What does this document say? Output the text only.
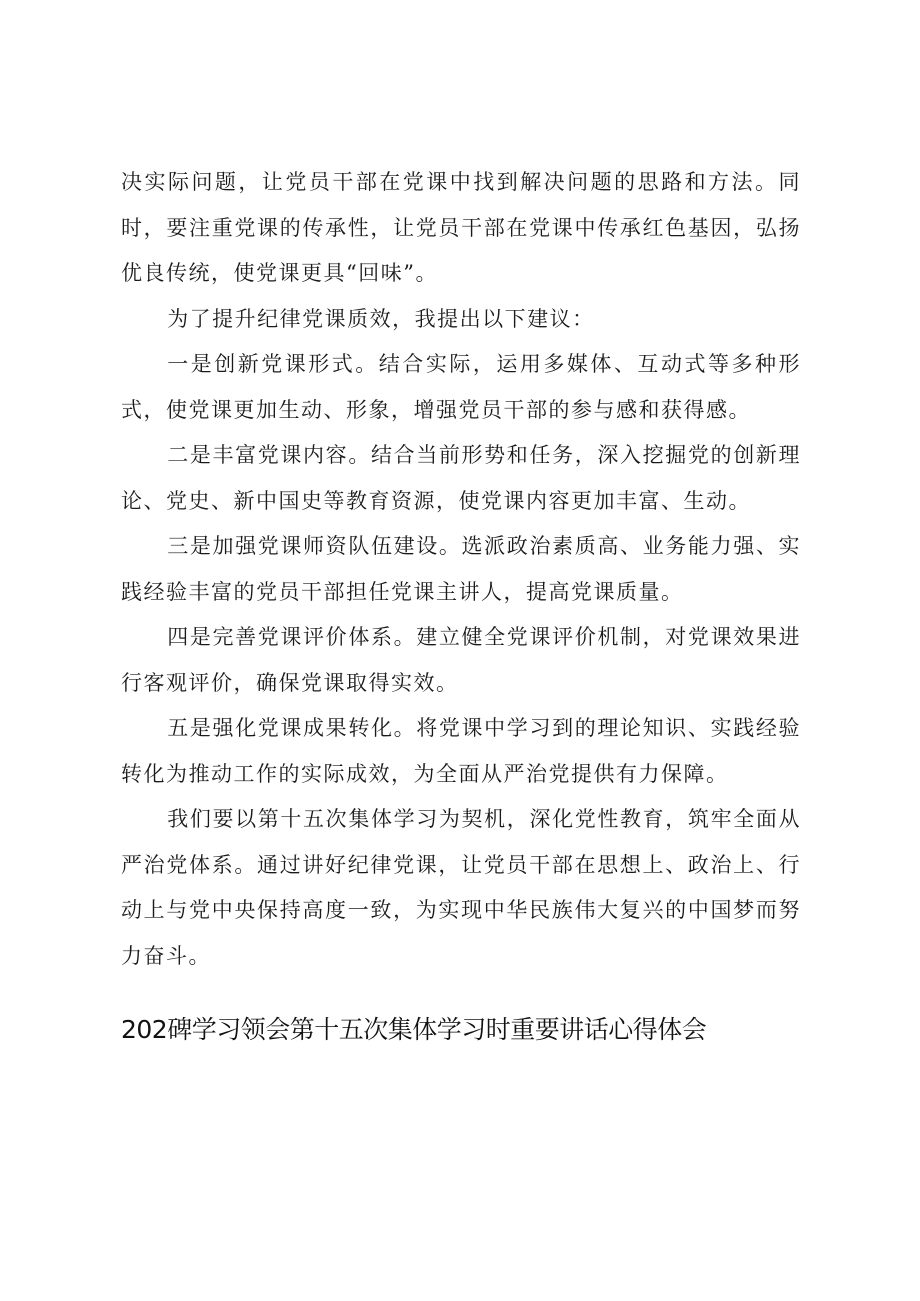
决实际问题，让党员干部在党课中找到解决问题的思路和方法。同时，要注重党课的传承性，让党员干部在党课中传承红色基因，弘扬优良传统，使党课更具“回味”。

为了提升纪律党课质效，我提出以下建议：

一是创新党课形式。结合实际，运用多媒体、互动式等多种形式，使党课更加生动、形象，增强党员干部的参与感和获得感。

二是丰富党课内容。结合当前形势和任务，深入挖掘党的创新理论、党史、新中国史等教育资源，使党课内容更加丰富、生动。

三是加强党课师资队伍建设。选派政治素质高、业务能力强、实践经验丰富的党员干部担任党课主讲人，提高党课质量。

四是完善党课评价体系。建立健全党课评价机制，对党课效果进行客观评价，确保党课取得实效。

五是强化党课成果转化。将党课中学习到的理论知识、实践经验转化为推动工作的实际成效，为全面从严治党提供有力保障。

我们要以第十五次集体学习为契机，深化党性教育，筑牢全面从严治党体系。通过讲好纪律党课，让党员干部在思想上、政治上、行动上与党中央保持高度一致，为实现中华民族伟大复兴的中国梦而努力奋斗。

202碑学习领会第十五次集体学习时重要讲话心得体会
